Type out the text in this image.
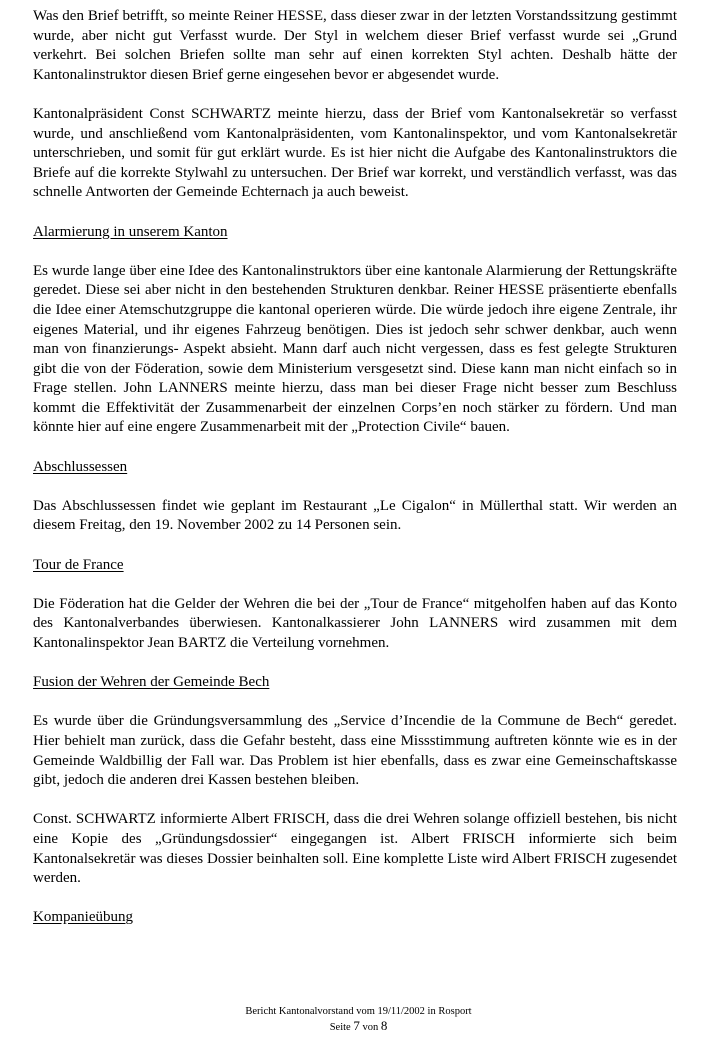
Was den Brief betrifft, so meinte Reiner HESSE, dass dieser zwar in der letzten Vorstandssitzung gestimmt wurde, aber nicht gut Verfasst wurde. Der Styl in welchem dieser Brief verfasst wurde sei „Grund verkehrt. Bei solchen Briefen sollte man sehr auf einen korrekten Styl achten. Deshalb hätte der Kantonalinstruktor diesen Brief gerne eingesehen bevor er abgesendet wurde.

Kantonalpräsident Const SCHWARTZ meinte hierzu, dass der Brief vom Kantonalsekretär so verfasst wurde, und anschließend vom Kantonalpräsidenten, vom Kantonalinspektor, und vom Kantonalsekretär unterschrieben, und somit für gut erklärt wurde. Es ist hier nicht die Aufgabe des Kantonalinstruktors die Briefe auf die korrekte Stylwahl zu untersuchen. Der Brief war korrekt, und verständlich verfasst, was das schnelle Antworten der Gemeinde Echternach ja auch beweist.

Alarmierung in unserem Kanton

Es wurde lange über eine Idee des Kantonalinstruktors über eine kantonale Alarmierung der Rettungskräfte geredet. Diese sei aber nicht in den bestehenden Strukturen denkbar. Reiner HESSE präsentierte ebenfalls die Idee einer Atemschutzgruppe die kantonal operieren würde. Die würde jedoch ihre eigene Zentrale, ihr eigenes Material, und ihr eigenes Fahrzeug benötigen. Dies ist jedoch sehr schwer denkbar, auch wenn man von finanzierungs- Aspekt absieht. Mann darf auch nicht vergessen, dass es fest gelegte Strukturen gibt die von der Föderation, sowie dem Ministerium versgesetzt sind. Diese kann man nicht einfach so in Frage stellen. John LANNERS meinte hierzu, dass man bei dieser Frage nicht besser zum Beschluss kommt die Effektivität der Zusammenarbeit der einzelnen Corps’en noch stärker zu fördern. Und man könnte hier auf eine engere Zusammenarbeit mit der „Protection Civile“ bauen.

Abschlussessen

Das Abschlussessen findet wie geplant im Restaurant „Le Cigalon“ in Müllerthal statt. Wir werden an diesem Freitag, den 19. November 2002 zu 14 Personen sein.

Tour de France

Die Föderation hat die Gelder der Wehren die bei der „Tour de France“ mitgeholfen haben auf das Konto des Kantonalverbandes überwiesen. Kantonalkassierer John LANNERS wird zusammen mit dem Kantonalinspektor Jean BARTZ die Verteilung vornehmen.

Fusion der Wehren der Gemeinde Bech

Es wurde über die Gründungsversammlung des „Service d’Incendie de la Commune de Bech“ geredet. Hier behielt man zurück, dass die Gefahr besteht, dass eine Missstimmung auftreten könnte wie es in der Gemeinde Waldbillig der Fall war. Das Problem ist hier ebenfalls, dass es zwar eine Gemeinschaftskasse gibt, jedoch die anderen drei Kassen bestehen bleiben.

Const. SCHWARTZ informierte Albert FRISCH, dass die drei Wehren solange offiziell bestehen, bis nicht eine Kopie des „Gründungsdossier“ eingegangen ist. Albert FRISCH informierte sich beim Kantonalsekretär was dieses Dossier beinhalten soll. Eine komplette Liste wird Albert FRISCH zugesendet werden.

Kompanieübung

Bericht Kantonalvorstand vom 19/11/2002 in Rosport
Seite 7 von 8
